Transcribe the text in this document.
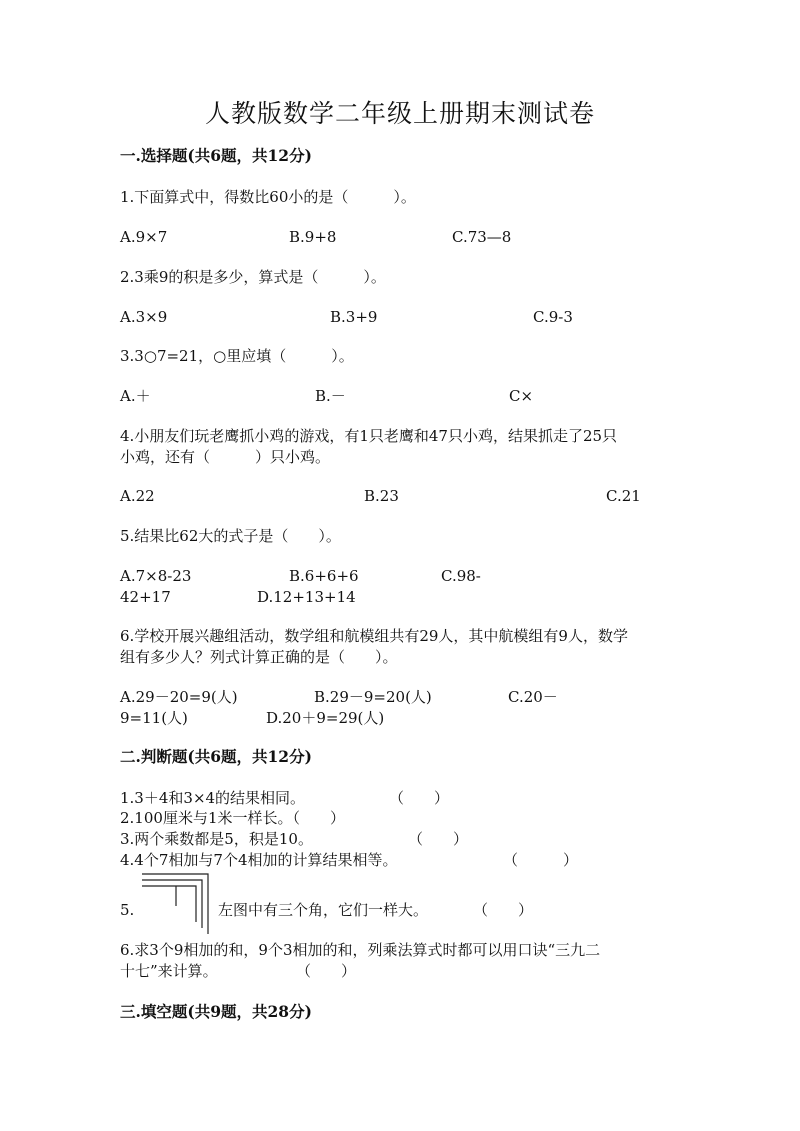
人教版数学二年级上册期末测试卷
一.选择题(共6题，共12分)
1.下面算式中，得数比60小的是（　　　）。
A.9×7	B.9+8	C.73—8
2.3乘9的积是多少，算式是（　　　）。
A.3×9	B.3+9	C.9-3
3.3○7=21，○里应填（　　　）。
A.＋	B.－	C×
4.小朋友们玩老鹰抓小鸡的游戏，有1只老鹰和47只小鸡，结果抓走了25只
小鸡，还有（　　　）只小鸡。
A.22	B.23	C.21
5.结果比62大的式子是（　　）。
A.7×8-23	B.6+6+6	C.98-
42+17	D.12+13+14
6.学校开展兴趣组活动，数学组和航模组共有29人，其中航模组有9人，数学
组有多少人？列式计算正确的是（　　）。
A.29－20=9(人)	B.29－9=20(人)	C.20－
9=11(人)	D.20＋9=29(人)
二.判断题(共6题，共12分)
1.3＋4和3×4的结果相同。	（　　）
2.100厘米与1米一样长。（　　）
3.两个乘数都是5，积是10。	（　　）
4.4个7相加与7个4相加的计算结果相等。	（　　　）
5.	左图中有三个角，它们一样大。	（　　）
6.求3个9相加的和，9个3相加的和，列乘法算式时都可以用口诀“三九二
十七”来计算。	（　　）
三.填空题(共9题，共28分)
